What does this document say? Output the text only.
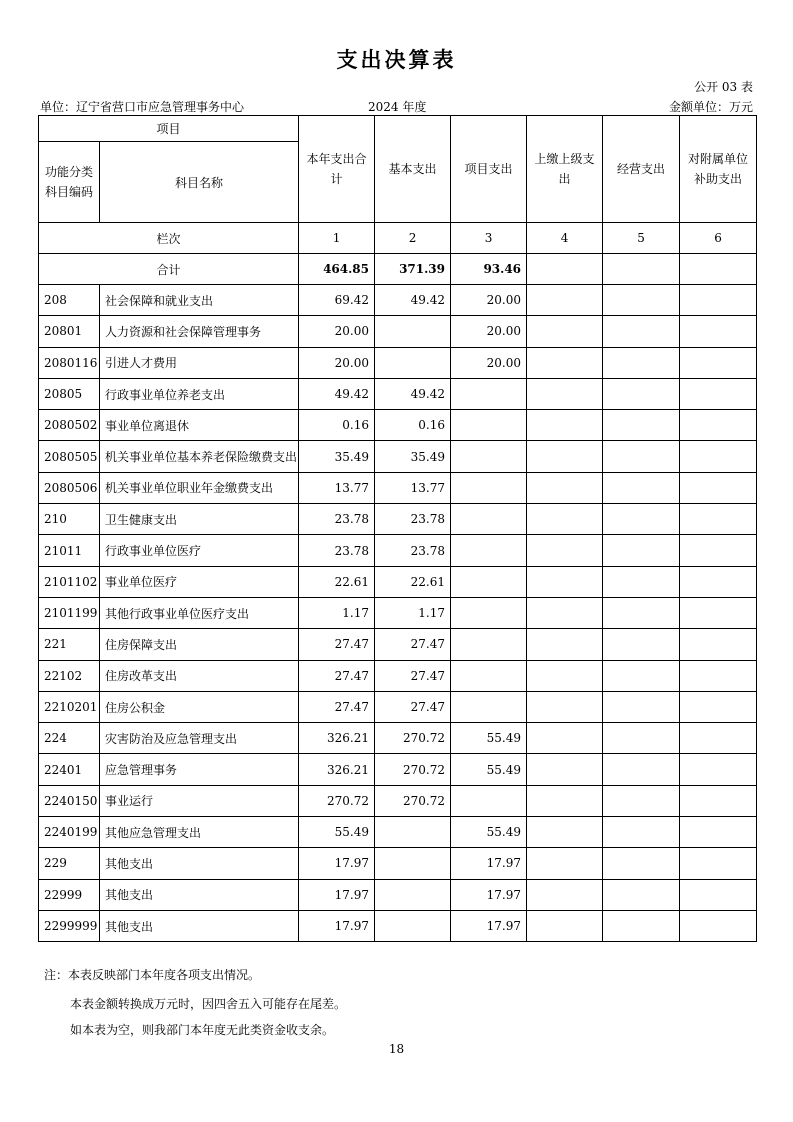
支出决算表
公开 03 表
单位：辽宁省营口市应急管理事务中心	2024 年度	金额单位：万元
项目		本年支出合计	基本支出	项目支出	上缴上级支出	经营支出	对附属单位补助支出
功能分类科目编码	科目名称						
栏次		1	2	3	4	5	6
合计		464.85	371.39	93.46			
208	社会保障和就业支出	69.42	49.42	20.00			
20801	人力资源和社会保障管理事务	20.00		20.00			
2080116	引进人才费用	20.00		20.00			
20805	行政事业单位养老支出	49.42	49.42				
2080502	事业单位离退休	0.16	0.16				
2080505	机关事业单位基本养老保险缴费支出	35.49	35.49				
2080506	机关事业单位职业年金缴费支出	13.77	13.77				
210	卫生健康支出	23.78	23.78				
21011	行政事业单位医疗	23.78	23.78				
2101102	事业单位医疗	22.61	22.61				
2101199	其他行政事业单位医疗支出	1.17	1.17				
221	住房保障支出	27.47	27.47				
22102	住房改革支出	27.47	27.47				
2210201	住房公积金	27.47	27.47				
224	灾害防治及应急管理支出	326.21	270.72	55.49			
22401	应急管理事务	326.21	270.72	55.49			
2240150	事业运行	270.72	270.72				
2240199	其他应急管理支出	55.49		55.49			
229	其他支出	17.97		17.97			
22999	其他支出	17.97		17.97			
2299999	其他支出	17.97		17.97			
注：本表反映部门本年度各项支出情况。
本表金额转换成万元时，因四舍五入可能存在尾差。
如本表为空，则我部门本年度无此类资金收支余。
18
